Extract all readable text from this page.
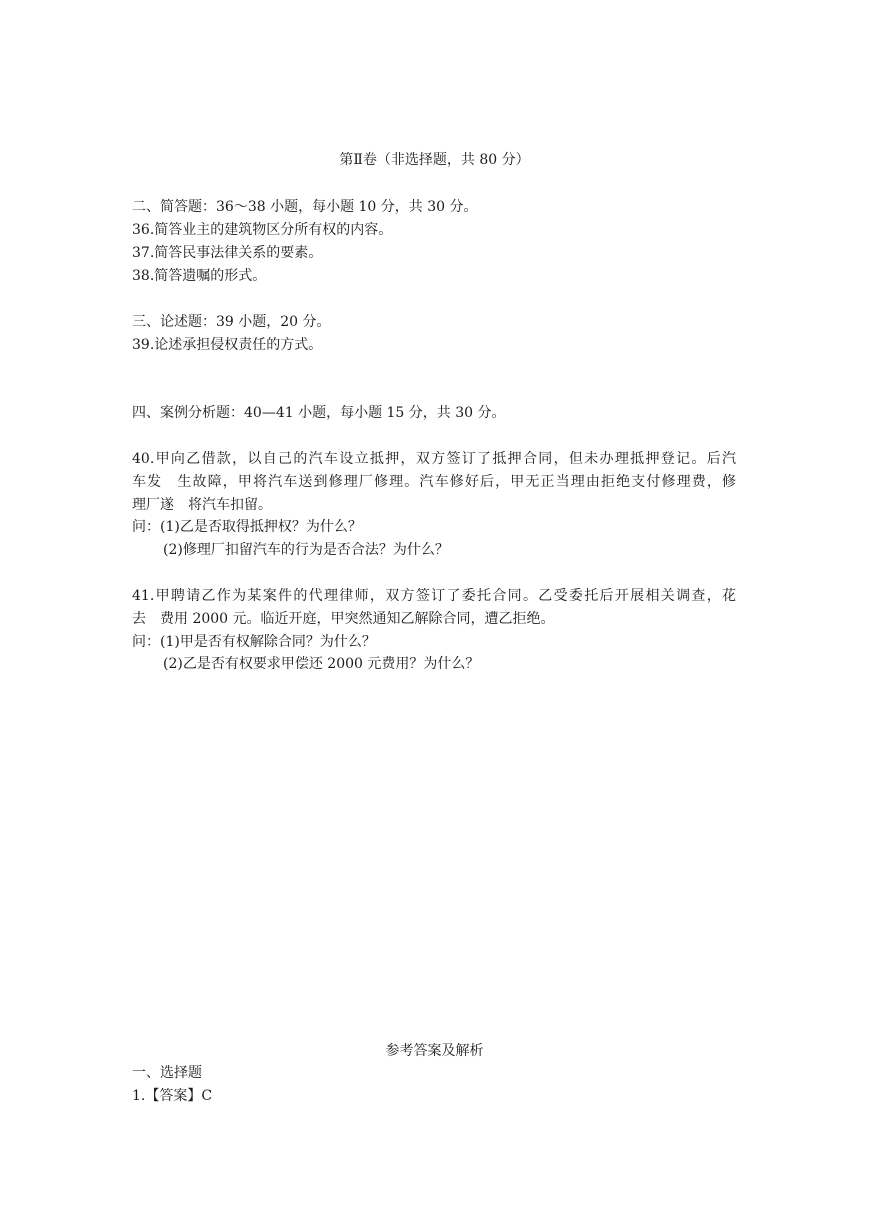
第Ⅱ卷（非选择题，共 80 分）
二、简答题：36～38 小题，每小题 10 分，共 30 分。
36.简答业主的建筑物区分所有权的内容。
37.简答民事法律关系的要素。
38.简答遗嘱的形式。
三、论述题：39 小题，20 分。
39.论述承担侵权责任的方式。
四、案例分析题：40—41 小题，每小题 15 分，共 30 分。
40.甲向乙借款，以自己的汽车设立抵押，双方签订了抵押合同，但未办理抵押登记。后汽
车发　生故障，甲将汽车送到修理厂修理。汽车修好后，甲无正当理由拒绝支付修理费，修
理厂遂　将汽车扣留。
问：(1)乙是否取得抵押权？为什么？
(2)修理厂扣留汽车的行为是否合法？为什么？
41.甲聘请乙作为某案件的代理律师，双方签订了委托合同。乙受委托后开展相关调查，花
去　费用 2000 元。临近开庭，甲突然通知乙解除合同，遭乙拒绝。
问：(1)甲是否有权解除合同？为什么？
(2)乙是否有权要求甲偿还 2000 元费用？为什么？
参考答案及解析
一、选择题
1.【答案】C
